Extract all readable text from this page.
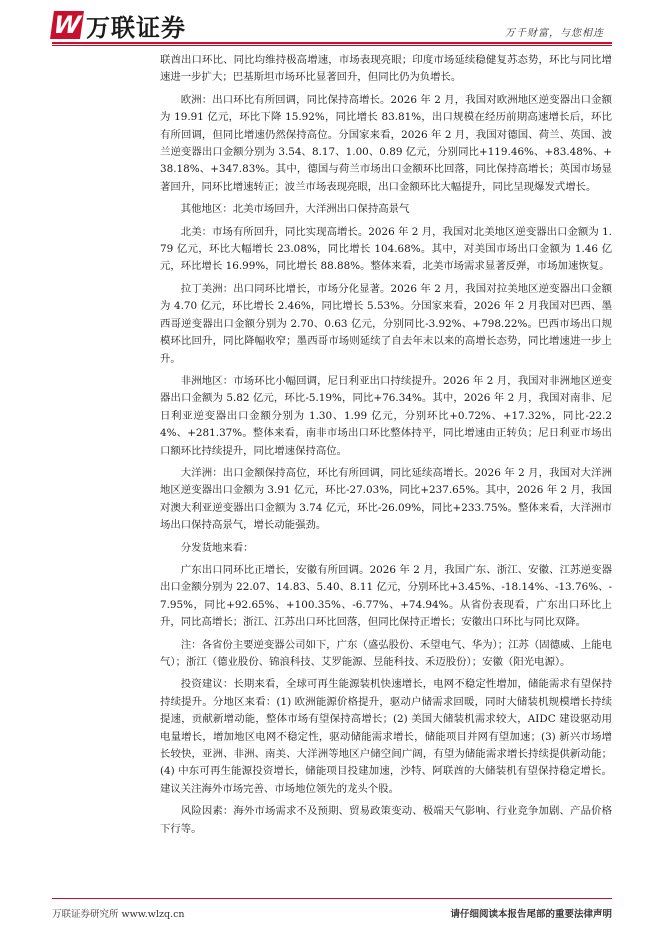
W 万联证券	万千财富，与您相连

联酋出口环比、同比均维持极高增速，市场表现亮眼；印度市场延续稳健复苏态势，环比与同比增速进一步扩大；巴基斯坦市场环比显著回升，但同比仍为负增长。

欧洲：出口环比有所回调，同比保持高增长。2026 年 2 月，我国对欧洲地区逆变器出口金额为 19.91 亿元，环比下降 15.92%，同比增长 83.81%，出口规模在经历前期高速增长后，环比有所回调，但同比增速仍然保持高位。分国家来看，2026 年 2 月，我国对德国、荷兰、英国、波兰逆变器出口金额分别为 3.54、8.17、1.00、0.89 亿元，分别同比+119.46%、+83.48%、+38.18%、+347.83%。其中，德国与荷兰市场出口金额环比回落，同比保持高增长；英国市场显著回升，同环比增速转正；波兰市场表现亮眼，出口金额环比大幅提升，同比呈现爆发式增长。

其他地区：北美市场回升，大洋洲出口保持高景气

北美：市场有所回升，同比实现高增长。2026 年 2 月，我国对北美地区逆变器出口金额为 1.79 亿元，环比大幅增长 23.08%，同比增长 104.68%。其中，对美国市场出口金额为 1.46 亿元，环比增长 16.99%，同比增长 88.88%。整体来看，北美市场需求显著反弹，市场加速恢复。

拉丁美洲：出口同环比增长，市场分化显著。2026 年 2 月，我国对拉美地区逆变器出口金额为 4.70 亿元，环比增长 2.46%，同比增长 5.53%。分国家来看，2026 年 2 月我国对巴西、墨西哥逆变器出口金额分别为 2.70、0.63 亿元，分别同比-3.92%、+798.22%。巴西市场出口规模环比回升，同比降幅收窄；墨西哥市场则延续了自去年末以来的高增长态势，同比增速进一步上升。

非洲地区：市场环比小幅回调，尼日利亚出口持续提升。2026 年 2 月，我国对非洲地区逆变器出口金额为 5.82 亿元，环比-5.19%，同比+76.34%。其中，2026 年 2 月，我国对南非、尼日利亚逆变器出口金额分别为 1.30、1.99 亿元，分别环比+0.72%、+17.32%，同比-22.24%、+281.37%。整体来看，南非市场出口环比整体持平，同比增速由正转负；尼日利亚市场出口额环比持续提升，同比增速保持高位。

大洋洲：出口金额保持高位，环比有所回调，同比延续高增长。2026 年 2 月，我国对大洋洲地区逆变器出口金额为 3.91 亿元，环比-27.03%，同比+237.65%。其中，2026 年 2 月，我国对澳大利亚逆变器出口金额为 3.74 亿元，环比-26.09%，同比+233.75%。整体来看，大洋洲市场出口保持高景气，增长动能强劲。

分发货地来看：

广东出口同环比正增长，安徽有所回调。2026 年 2 月，我国广东、浙江、安徽、江苏逆变器出口金额分别为 22.07、14.83、5.40、8.11 亿元，分别环比+3.45%、-18.14%、-13.76%、-7.95%，同比+92.65%、+100.35%、-6.77%、+74.94%。从省份表现看，广东出口环比上升，同比高增长；浙江、江苏出口环比回落，但同比保持正增长；安徽出口环比与同比双降。

注：各省份主要逆变器公司如下，广东（盛弘股份、禾望电气、华为）；江苏（固德威、上能电气）；浙江（德业股份、锦浪科技、艾罗能源、昱能科技、禾迈股份）；安徽（阳光电源）。

投资建议：长期来看，全球可再生能源装机快速增长，电网不稳定性增加，储能需求有望保持持续提升。分地区来看：(1) 欧洲能源价格提升，驱动户储需求回暖，同时大储装机规模增长持续提速，贡献新增动能，整体市场有望保持高增长；(2) 美国大储装机需求较大，AIDC 建设驱动用电量增长，增加地区电网不稳定性，驱动储能需求增长，储能项目并网有望加速；(3) 新兴市场增长较快，亚洲、非洲、南美、大洋洲等地区户储空间广阔，有望为储能需求增长持续提供新动能；(4) 中东可再生能源投资增长，储能项目投建加速，沙特、阿联酋的大储装机有望保持稳定增长。建议关注海外市场完善、市场地位领先的龙头个股。

风险因素：海外市场需求不及预期、贸易政策变动、极端天气影响、行业竞争加剧、产品价格下行等。

万联证券研究所 www.wlzq.cn	请仔细阅读本报告尾部的重要法律声明
